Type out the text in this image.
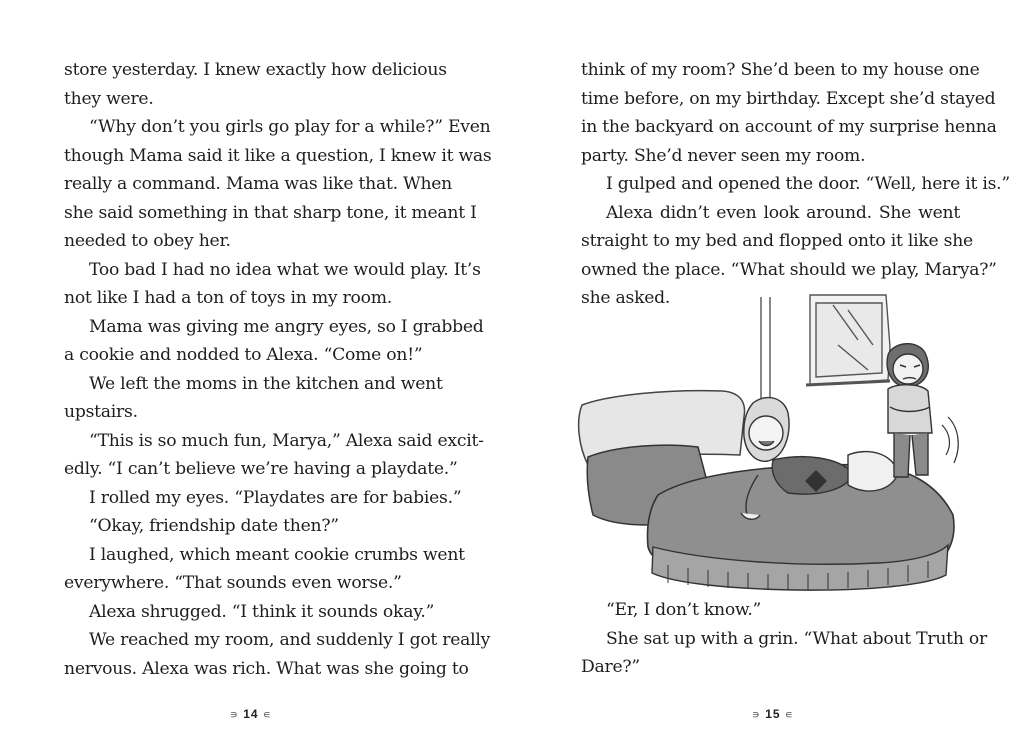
store yesterday. I knew exactly how delicious
they were.
“Why don’t you girls go play for a while?” Even
though Mama said it like a question, I knew it was
really a command. Mama was like that. When
she said something in that sharp tone, it meant I
needed to obey her.
Too bad I had no idea what we would play. It’s
not like I had a ton of toys in my room.
Mama was giving me angry eyes, so I grabbed
a cookie and nodded to Alexa. “Come on!”
We left the moms in the kitchen and went
upstairs.
“This is so much fun, Marya,” Alexa said excit-
edly. “I can’t believe we’re having a playdate.”
I rolled my eyes. “Playdates are for babies.”
“Okay, friendship date then?”
I laughed, which meant cookie crumbs went
everywhere. “That sounds even worse.”
Alexa shrugged. “I think it sounds okay.”
We reached my room, and suddenly I got really
nervous. Alexa was rich. What was she going to
think of my room? She’d been to my house one
time before, on my birthday. Except she’d stayed
in the backyard on account of my surprise henna
party. She’d never seen my room.
I gulped and opened the door. “Well, here it is.”
Alexa didn’t even look around. She went
straight to my bed and flopped onto it like she
owned the place. “What should we play, Marya?”
she asked.
“Er, I don’t know.”
She sat up with a grin. “What about Truth or
Dare?”
∍ 14 ∊	∍ 15 ∊
